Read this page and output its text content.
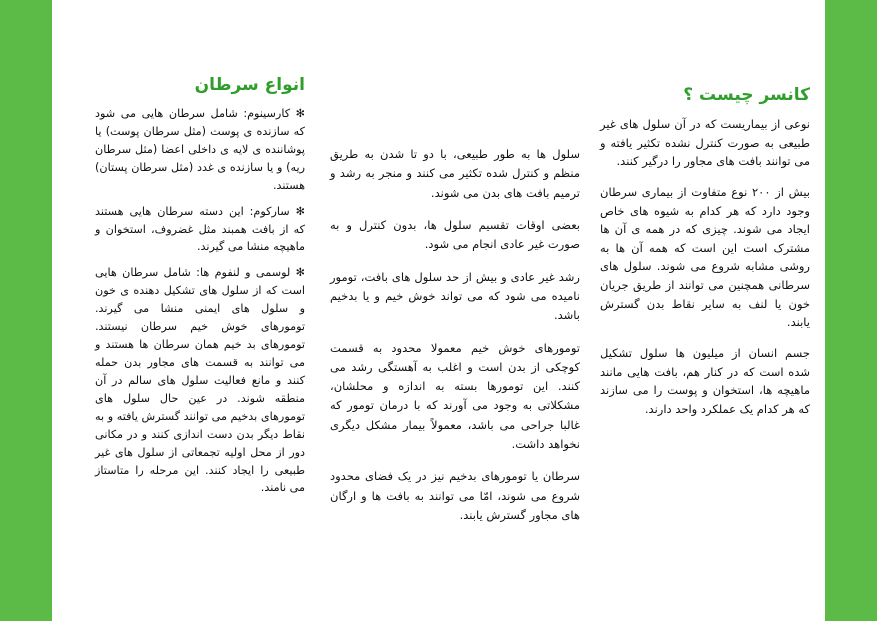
کانسر چیست ؟

نوعی از بیماریست که در آن سلول های غیر طبیعی به صورت کنترل نشده تکثیر یافته و می توانند بافت های مجاور را درگیر کنند.

بیش از ۲۰۰ نوع متفاوت از بیماری سرطان وجود دارد که هر کدام به شیوه های خاص ایجاد می شوند. چیزی که در همه ی آن ها مشترک است این است که همه آن ها به روشی مشابه شروع می شوند. سلول های سرطانی همچنین می توانند از طریق جریان خون یا لنف به سایر نقاط بدن گسترش یابند.

جسم انسان از میلیون ها سلول تشکیل شده است که در کنار هم، بافت هایی مانند ماهیچه ها، استخوان و پوست را می سازند که هر کدام یک عملکرد واحد دارند.

سلول ها به طور طبیعی، با دو تا شدن به طریق منظم و کنترل شده تکثیر می کنند و منجر به رشد و ترمیم بافت های بدن می شوند.

بعضی اوقات تقسیم سلول ها، بدون کنترل و به صورت غیر عادی انجام می شود.

رشد غیر عادی و بیش از حد سلول های بافت، تومور نامیده می شود که می تواند خوش خیم و یا بدخیم باشد.

تومورهای خوش خیم معمولا محدود به قسمت کوچکی از بدن است و اغلب به آهستگی رشد می کنند. این تومورها بسته به اندازه و محلشان، مشکلاتی به وجود می آورند که با درمان تومور که غالبا جراحی می باشد، معمولاً بیمار مشکل دیگری نخواهد داشت.

سرطان یا تومورهای بدخیم نیز در یک فضای محدود شروع می شوند، امّا می توانند به بافت ها و ارگان های مجاور گسترش یابند.

انواع سرطان

✻ کارسینوم: شامل سرطان هایی می شود که سازنده ی پوست (مثل سرطان پوست) یا پوشاننده ی لایه ی داخلی اعضا (مثل سرطان ریه) و یا سازنده ی غدد (مثل سرطان پستان) هستند.

✻ سارکوم: این دسته سرطان هایی هستند که از بافت همبند مثل غضروف، استخوان و ماهیچه منشا می گیرند.

✻ لوسمی و لنفوم ها: شامل سرطان هایی است که از سلول های تشکیل دهنده ی خون و سلول های ایمنی منشا می گیرند. تومورهای خوش خیم سرطان نیستند. تومورهای بد خیم همان سرطان ها هستند و می توانند به قسمت های مجاور بدن حمله کنند و مانع فعالیت سلول های سالم در آن منطقه شوند. در عین حال سلول های تومورهای بدخیم می توانند گسترش یافته و به نقاط دیگر بدن دست اندازی کنند و در مکانی دور از محل اولیه تجمعاتی از سلول های غیر طبیعی را ایجاد کنند. این مرحله را متاستاز می نامند.
